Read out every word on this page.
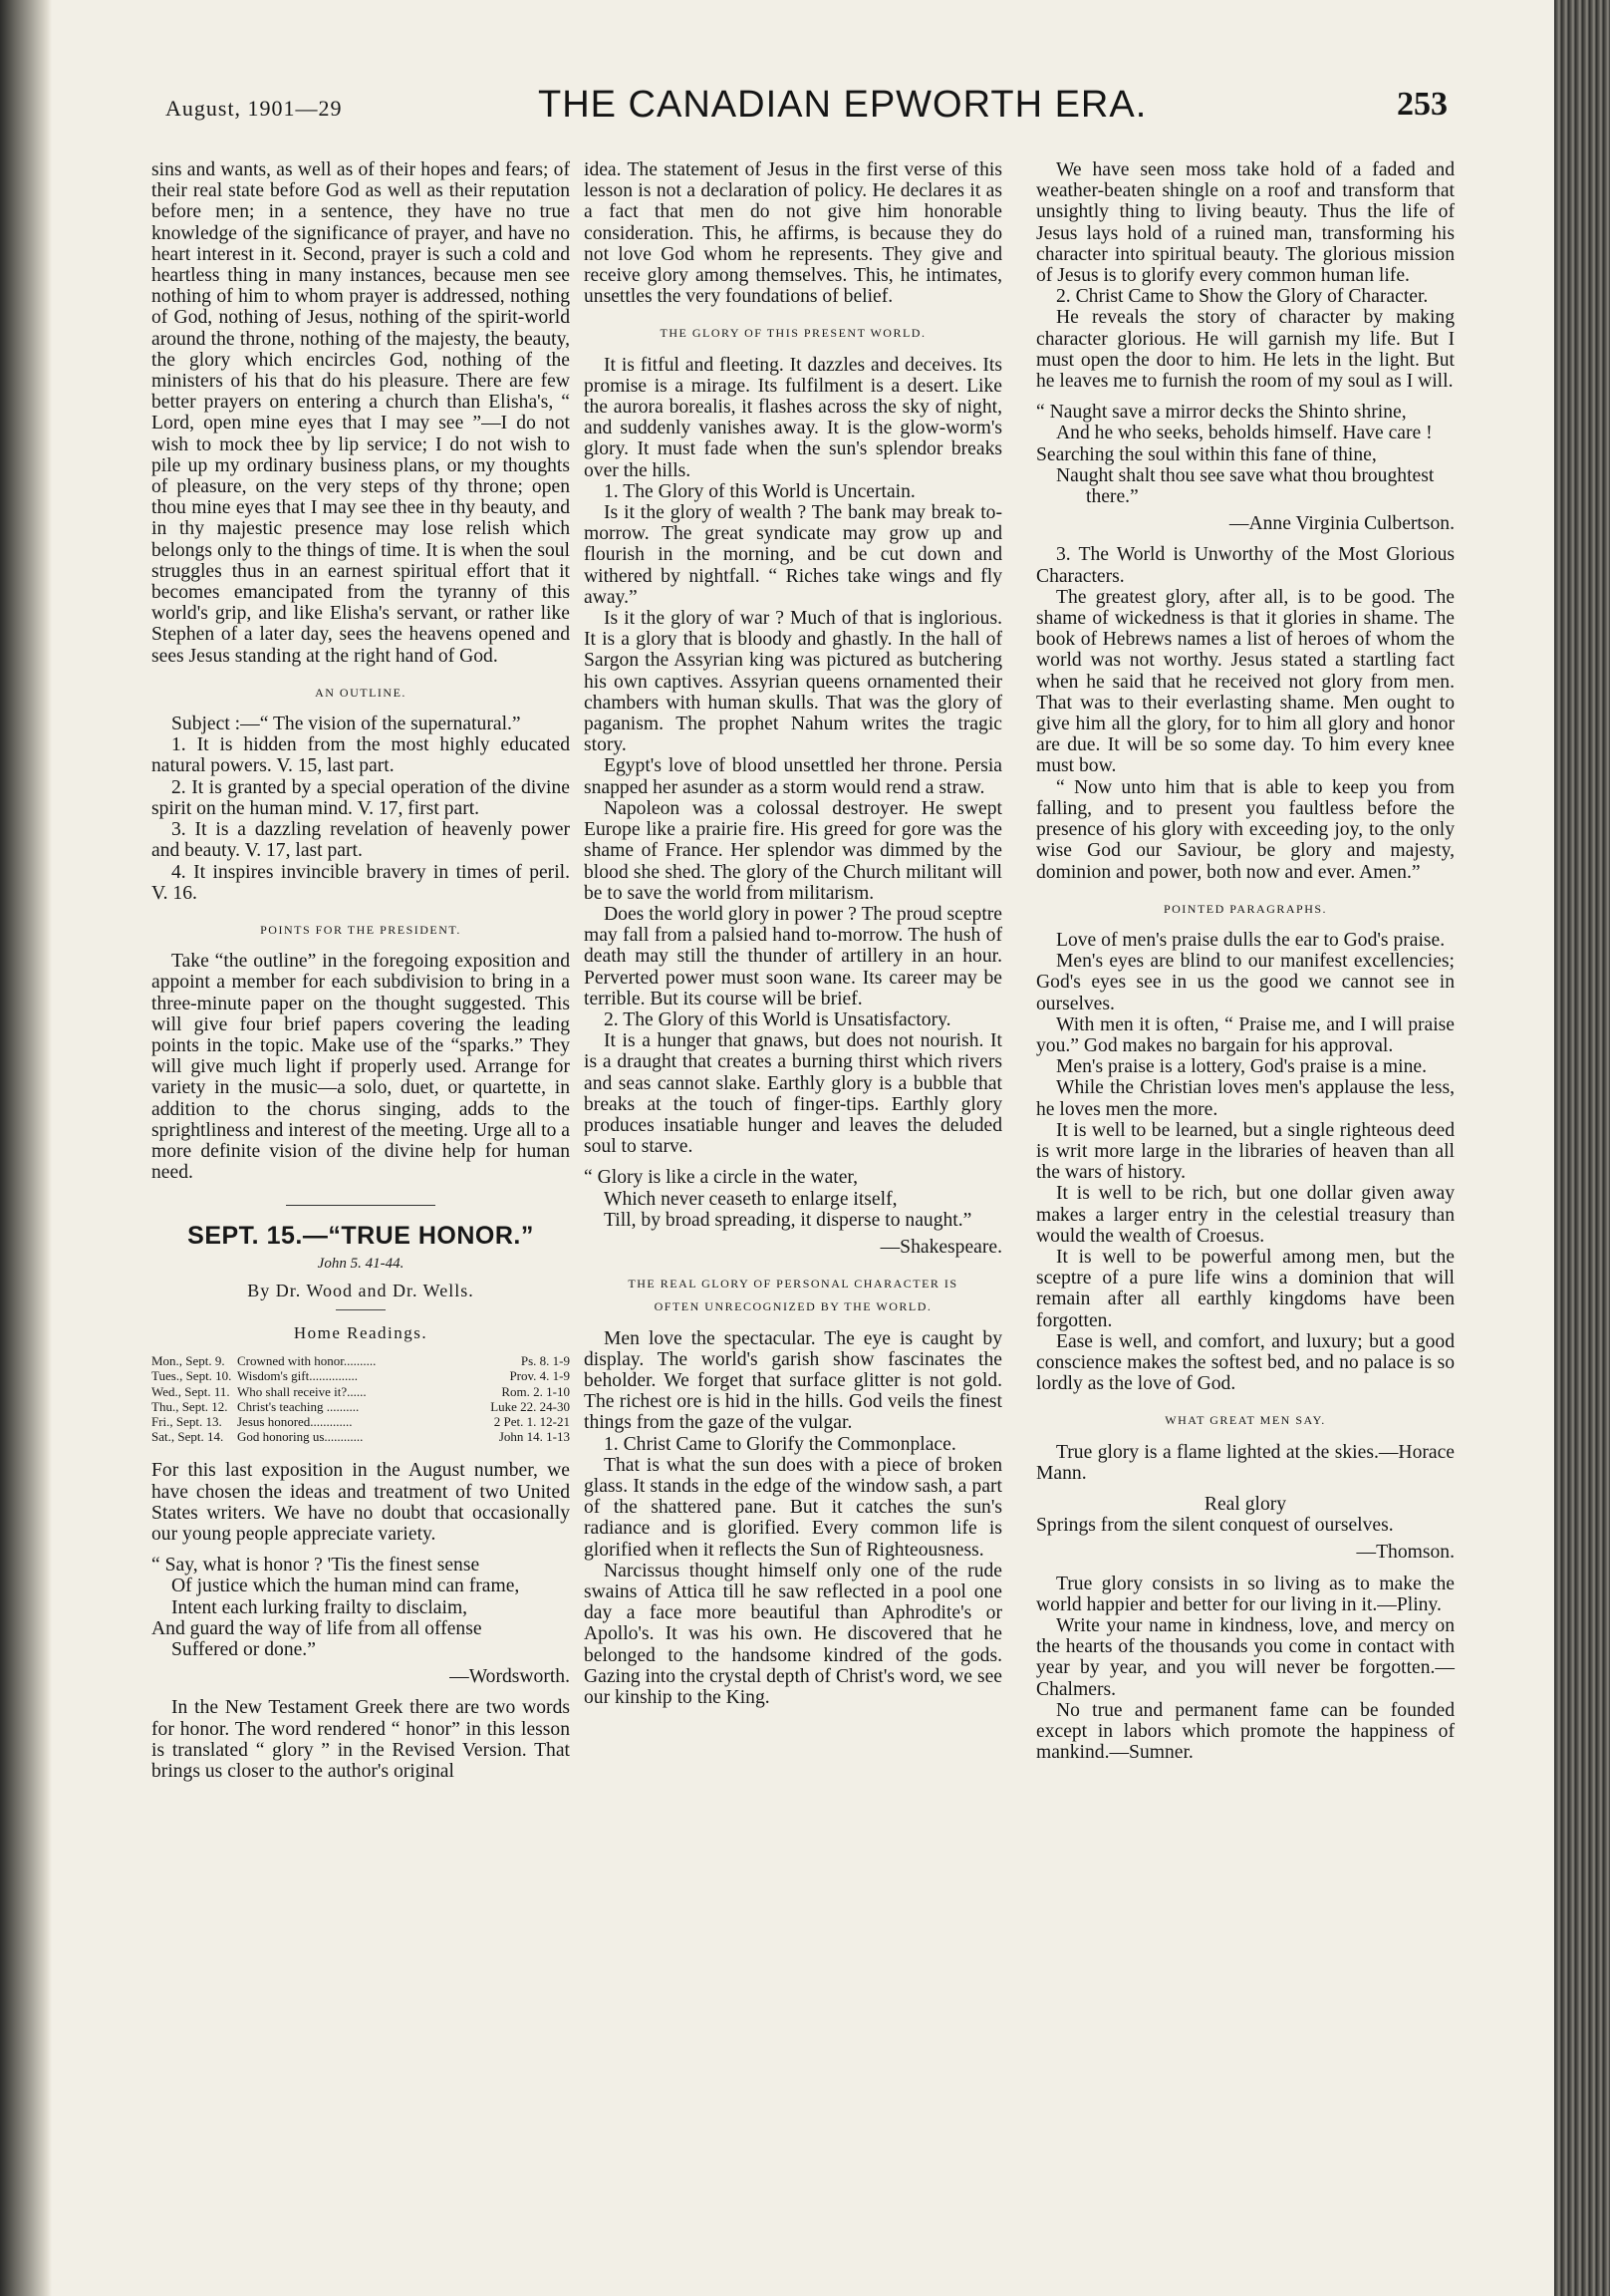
August, 1901—29	THE CANADIAN EPWORTH ERA.	253

sins and wants, as well as of their hopes and fears; of their real state before God as well as their reputation before men; in a sentence, they have no true knowledge of the significance of prayer, and have no heart interest in it. Second, prayer is such a cold and heartless thing in many instances, because men see nothing of him to whom prayer is addressed, nothing of God, nothing of Jesus, nothing of the spirit-world around the throne, nothing of the majesty, the beauty, the glory which encircles God, nothing of the ministers of his that do his pleasure. There are few better prayers on entering a church than Elisha's, “ Lord, open mine eyes that I may see ”—I do not wish to mock thee by lip service; I do not wish to pile up my ordinary business plans, or my thoughts of pleasure, on the very steps of thy throne; open thou mine eyes that I may see thee in thy beauty, and in thy majestic presence may lose relish which belongs only to the things of time. It is when the soul struggles thus in an earnest spiritual effort that it becomes emancipated from the tyranny of this world's grip, and like Elisha's servant, or rather like Stephen of a later day, sees the heavens opened and sees Jesus standing at the right hand of God.

AN OUTLINE.

Subject :—“ The vision of the supernatural.”

1. It is hidden from the most highly educated natural powers. V. 15, last part.

2. It is granted by a special operation of the divine spirit on the human mind. V. 17, first part.

3. It is a dazzling revelation of heavenly power and beauty. V. 17, last part.

4. It inspires invincible bravery in times of peril. V. 16.

POINTS FOR THE PRESIDENT.

Take “the outline” in the foregoing exposition and appoint a member for each subdivision to bring in a three-minute paper on the thought suggested. This will give four brief papers covering the leading points in the topic. Make use of the “sparks.” They will give much light if properly used. Arrange for variety in the music—a solo, duet, or quartette, in addition to the chorus singing, adds to the sprightliness and interest of the meeting. Urge all to a more definite vision of the divine help for human need.

SEPT. 15.—“TRUE HONOR.”
John 5. 41-44.
By Dr. Wood and Dr. Wells.
Home Readings.
Mon., Sept. 9. Crowned with honor..........	Ps. 8. 1-9
Tues., Sept. 10. Wisdom's gift...............	Prov. 4. 1-9
Wed., Sept. 11. Who shall receive it?......	Rom. 2. 1-10
Thu., Sept. 12. Christ's teaching ..........	Luke 22. 24-30
Fri., Sept. 13.	Jesus honored.............	2 Pet. 1. 12-21
Sat., Sept. 14.	God honoring us............	John 14. 1-13

For this last exposition in the August number, we have chosen the ideas and treatment of two United States writers. We have no doubt that occasionally our young people appreciate variety.

“ Say, what is honor ? 'Tis the finest sense
Of justice which the human mind can frame,
Intent each lurking frailty to disclaim,
And guard the way of life from all offense
Suffered or done.”
—Wordsworth.

In the New Testament Greek there are two words for honor. The word rendered “ honor” in this lesson is translated “ glory ” in the Revised Version. That brings us closer to the author's original

idea. The statement of Jesus in the first verse of this lesson is not a declaration of policy. He declares it as a fact that men do not give him honorable consideration. This, he affirms, is because they do not love God whom he represents. They give and receive glory among themselves. This, he intimates, unsettles the very foundations of belief.

THE GLORY OF THIS PRESENT WORLD.

It is fitful and fleeting. It dazzles and deceives. Its promise is a mirage. Its fulfilment is a desert. Like the aurora borealis, it flashes across the sky of night, and suddenly vanishes away. It is the glow-worm's glory. It must fade when the sun's splendor breaks over the hills.

1. The Glory of this World is Uncertain.

Is it the glory of wealth ? The bank may break to-morrow. The great syndicate may grow up and flourish in the morning, and be cut down and withered by nightfall. “ Riches take wings and fly away.”

Is it the glory of war ? Much of that is inglorious. It is a glory that is bloody and ghastly. In the hall of Sargon the Assyrian king was pictured as butchering his own captives. Assyrian queens ornamented their chambers with human skulls. That was the glory of paganism. The prophet Nahum writes the tragic story.

Egypt's love of blood unsettled her throne. Persia snapped her asunder as a storm would rend a straw.

Napoleon was a colossal destroyer. He swept Europe like a prairie fire. His greed for gore was the shame of France. Her splendor was dimmed by the blood she shed. The glory of the Church militant will be to save the world from militarism.

Does the world glory in power ? The proud sceptre may fall from a palsied hand to-morrow. The hush of death may still the thunder of artillery in an hour. Perverted power must soon wane. Its career may be terrible. But its course will be brief.

2. The Glory of this World is Unsatisfactory.

It is a hunger that gnaws, but does not nourish. It is a draught that creates a burning thirst which rivers and seas cannot slake. Earthly glory is a bubble that breaks at the touch of finger-tips. Earthly glory produces insatiable hunger and leaves the deluded soul to starve.

“ Glory is like a circle in the water,
Which never ceaseth to enlarge itself,
Till, by broad spreading, it disperse to naught.”
—Shakespeare.
THE REAL GLORY OF PERSONAL CHARACTER IS
OFTEN UNRECOGNIZED BY THE WORLD.

Men love the spectacular. The eye is caught by display. The world's garish show fascinates the beholder. We forget that surface glitter is not gold. The richest ore is hid in the hills. God veils the finest things from the gaze of the vulgar.

1. Christ Came to Glorify the Commonplace.

That is what the sun does with a piece of broken glass. It stands in the edge of the window sash, a part of the shattered pane. But it catches the sun's radiance and is glorified. Every common life is glorified when it reflects the Sun of Righteousness.

Narcissus thought himself only one of the rude swains of Attica till he saw reflected in a pool one day a face more beautiful than Aphrodite's or Apollo's. It was his own. He discovered that he belonged to the handsome kindred of the gods. Gazing into the crystal depth of Christ's word, we see our kinship to the King.

We have seen moss take hold of a faded and weather-beaten shingle on a roof and transform that unsightly thing to living beauty. Thus the life of Jesus lays hold of a ruined man, transforming his character into spiritual beauty. The glorious mission of Jesus is to glorify every common human life.

2. Christ Came to Show the Glory of Character.

He reveals the story of character by making character glorious. He will garnish my life. But I must open the door to him. He lets in the light. But he leaves me to furnish the room of my soul as I will.

“ Naught save a mirror decks the Shinto shrine,
And he who seeks, beholds himself. Have care !
Searching the soul within this fane of thine,
Naught shalt thou see save what thou broughtest there.”
—Anne Virginia Culbertson.

3. The World is Unworthy of the Most Glorious Characters.

The greatest glory, after all, is to be good. The shame of wickedness is that it glories in shame. The book of Hebrews names a list of heroes of whom the world was not worthy. Jesus stated a startling fact when he said that he received not glory from men. That was to their everlasting shame. Men ought to give him all the glory, for to him all glory and honor are due. It will be so some day. To him every knee must bow.

“ Now unto him that is able to keep you from falling, and to present you faultless before the presence of his glory with exceeding joy, to the only wise God our Saviour, be glory and majesty, dominion and power, both now and ever. Amen.”

POINTED PARAGRAPHS.

Love of men's praise dulls the ear to God's praise.

Men's eyes are blind to our manifest excellencies; God's eyes see in us the good we cannot see in ourselves.

With men it is often, “ Praise me, and I will praise you.” God makes no bargain for his approval.

Men's praise is a lottery, God's praise is a mine.

While the Christian loves men's applause the less, he loves men the more.

It is well to be learned, but a single righteous deed is writ more large in the libraries of heaven than all the wars of history.

It is well to be rich, but one dollar given away makes a larger entry in the celestial treasury than would the wealth of Croesus.

It is well to be powerful among men, but the sceptre of a pure life wins a dominion that will remain after all earthly kingdoms have been forgotten.

Ease is well, and comfort, and luxury; but a good conscience makes the softest bed, and no palace is so lordly as the love of God.

WHAT GREAT MEN SAY.

True glory is a flame lighted at the skies.—Horace Mann.

Real glory
Springs from the silent conquest of ourselves.
—Thomson.

True glory consists in so living as to make the world happier and better for our living in it.—Pliny.

Write your name in kindness, love, and mercy on the hearts of the thousands you come in contact with year by year, and you will never be forgotten.—Chalmers.

No true and permanent fame can be founded except in labors which promote the happiness of mankind.—Sumner.
